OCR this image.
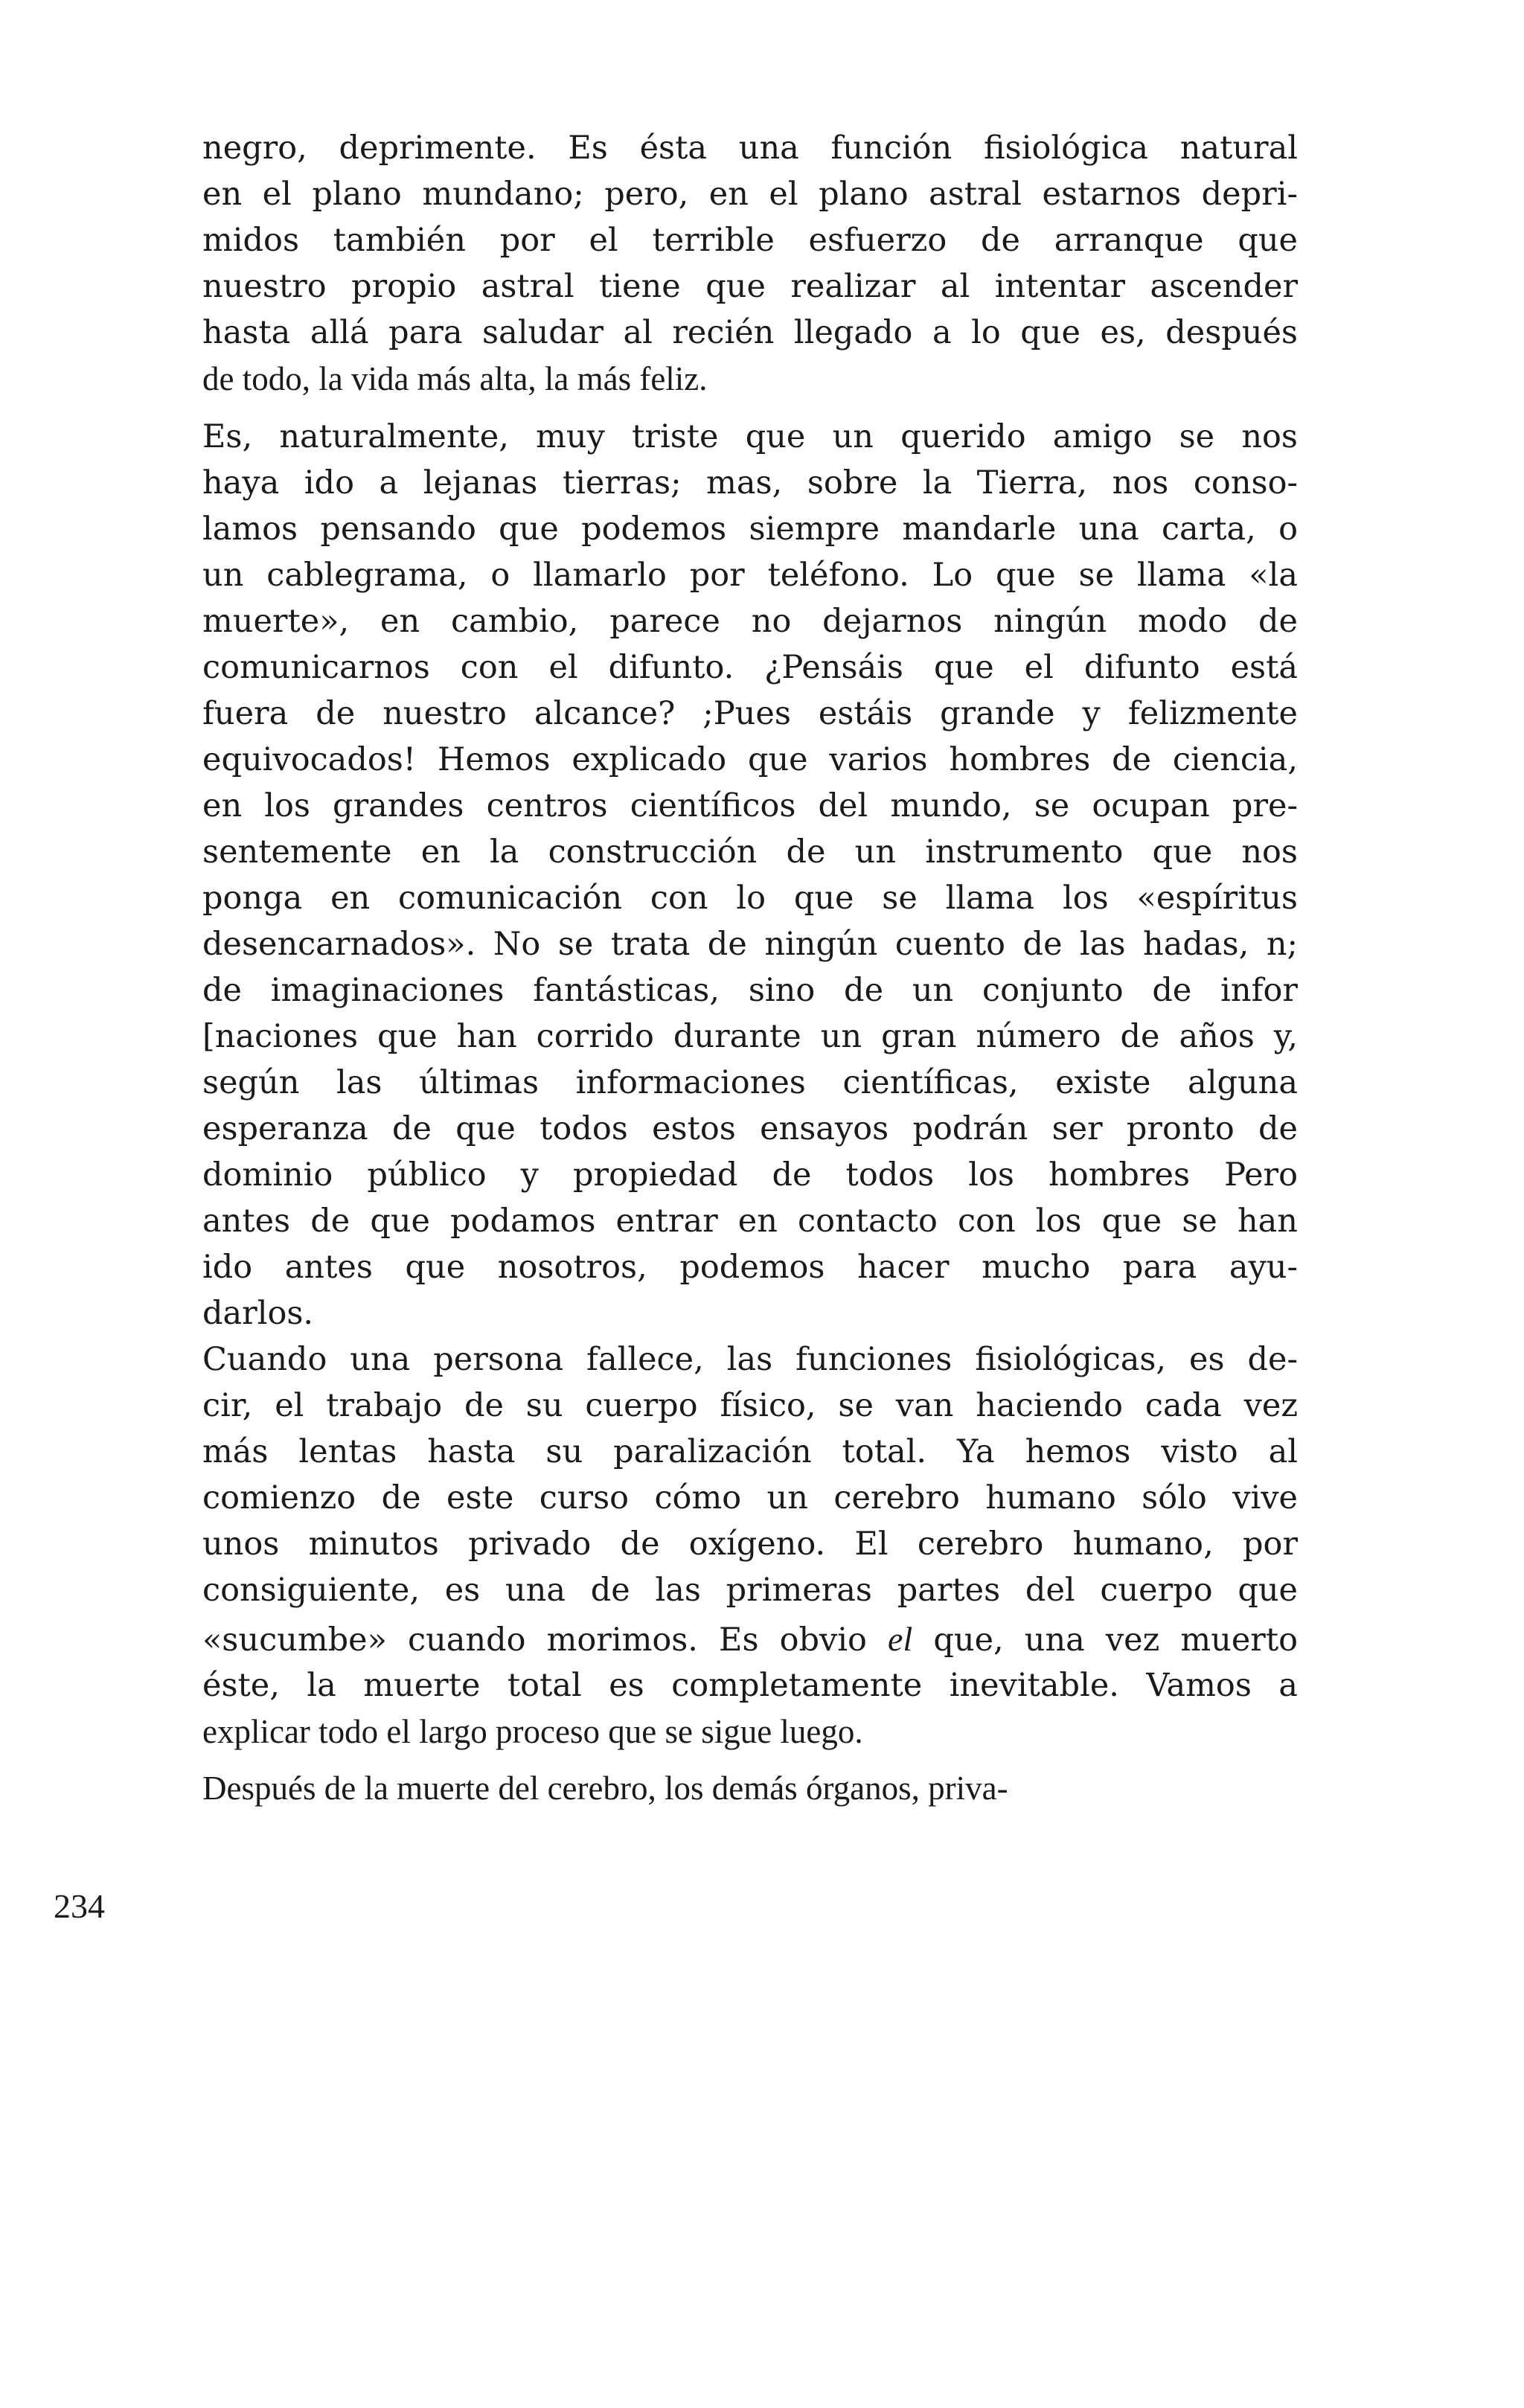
negro, deprimente. Es ésta una función fisiológica natural
en el plano mundano; pero, en el plano astral estarnos depri-
midos también por el terrible esfuerzo de arranque que
nuestro propio astral tiene que realizar al intentar ascender
hasta allá para saludar al recién llegado a lo que es, después
de todo, la vida más alta, la más feliz.
Es, naturalmente, muy triste que un querido amigo se nos
haya ido a lejanas tierras; mas, sobre la Tierra, nos conso-
lamos pensando que podemos siempre mandarle una carta, o
un cablegrama, o llamarlo por teléfono. Lo que se llama «la
muerte», en cambio, parece no dejarnos ningún modo de
comunicarnos con el difunto. ¿Pensáis que el difunto está
fuera de nuestro alcance? ;Pues estáis grande y felizmente
equivocados! Hemos explicado que varios hombres de ciencia,
en los grandes centros científicos del mundo, se ocupan pre-
sentemente en la construcción de un instrumento que nos
ponga en comunicación con lo que se llama los «espíritus
desencarnados». No se trata de ningún cuento de las hadas, n;
de imaginaciones fantásticas, sino de un conjunto de infor
[naciones que han corrido durante un gran número de años y,
según las últimas informaciones científicas, existe alguna
esperanza de que todos estos ensayos podrán ser pronto de
dominio público y propiedad de todos los hombres Pero
antes de que podamos entrar en contacto con los que se han
ido antes que nosotros, podemos hacer mucho para ayu-
darlos.
Cuando una persona fallece, las funciones fisiológicas, es de-
cir, el trabajo de su cuerpo físico, se van haciendo cada vez
más lentas hasta su paralización total. Ya hemos visto al
comienzo de este curso cómo un cerebro humano sólo vive
unos minutos privado de oxígeno. El cerebro humano, por
consiguiente, es una de las primeras partes del cuerpo que
«sucumbe» cuando morimos. Es obvio el que, una vez muerto
éste, la muerte total es completamente inevitable. Vamos a
explicar todo el largo proceso que se sigue luego.
Después de la muerte del cerebro, los demás órganos, priva-
234
